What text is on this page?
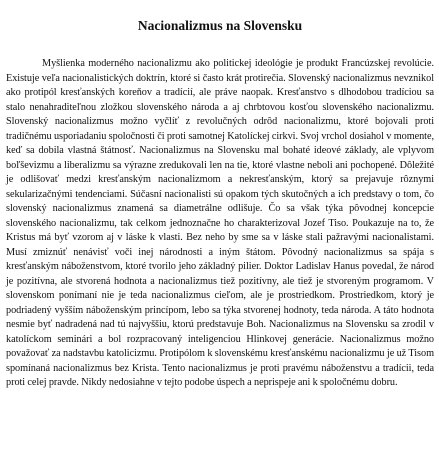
Nacionalizmus na Slovensku

Myšlienka moderného nacionalizmu ako politickej ideológie je produkt Francúzskej revolúcie. Existuje veľa nacionalistických doktrín, ktoré si často krát protirečia. Slovenský nacionalizmus nevznikol ako protipól kresťanských koreňov a tradícií, ale práve naopak. Kresťanstvo s dlhodobou tradíciou sa stalo nenahraditeľnou zložkou slovenského národa a aj chrbtovou kosťou slovenského nacionalizmu. Slovenský nacionalizmus možno vyčlíť z revolučných odrôd nacionalizmu, ktoré bojovali proti tradičnému usporiadaniu spoločnosti či proti samotnej Katolíckej cirkvi. Svoj vrchol dosiahol v momente, keď sa dobila vlastná štátnosť. Nacionalizmus na Slovensku mal bohaté ideové základy, ale vplyvom boľševizmu a liberalizmu sa výrazne zredukovali len na tie, ktoré vlastne neboli ani pochopené. Dôležité je odlišovať medzi kresťanským nacionalizmom a nekresťanským, ktorý sa prejavuje rôznymi sekularizačnými tendenciami. Súčasní nacionalisti sú opakom tých skutočných a ich predstavy o tom, čo slovenský nacionalizmus znamená sa diametrálne odlišuje. Čo sa však týka pôvodnej koncepcie slovenského nacionalizmu, tak celkom jednoznačne ho charakterizoval Jozef Tiso. Poukazuje na to, že Kristus má byť vzorom aj v láske k vlasti. Bez neho by sme sa v láske stali pažravými nacionalistami. Musí zmiznúť nenávisť voči inej národnosti a iným štátom. Pôvodný nacionalizmus sa spája s kresťanským náboženstvom, ktoré tvorilo jeho základný pilier. Doktor Ladislav Hanus povedal, že národ je pozitívna, ale stvorená hodnota a nacionalizmus tiež pozitívny, ale tiež je stvoreným programom. V slovenskom ponímaní nie je teda nacionalizmus cieľom, ale je prostriedkom. Prostriedkom, ktorý je podriadený vyšším náboženským princípom, lebo sa týka stvorenej hodnoty, teda národa. A táto hodnota nesmie byť nadradená nad tú najvyššiu, ktorú predstavuje Boh. Nacionalizmus na Slovensku sa zrodil v katolíckom seminári a bol rozpracovaný inteligenciou Hlinkovej generácie. Nacionalizmus možno považovať za nadstavbu katolicizmu. Protipólom k slovenskému kresťanskému nacionalizmu je už Tisom spomínaná nacionalizmus bez Krista. Tento nacionalizmus je proti pravému náboženstvu a tradícii, teda proti celej pravde. Nikdy nedosiahne v tejto podobe úspech a neprispeje ani k spoločnému dobru.
